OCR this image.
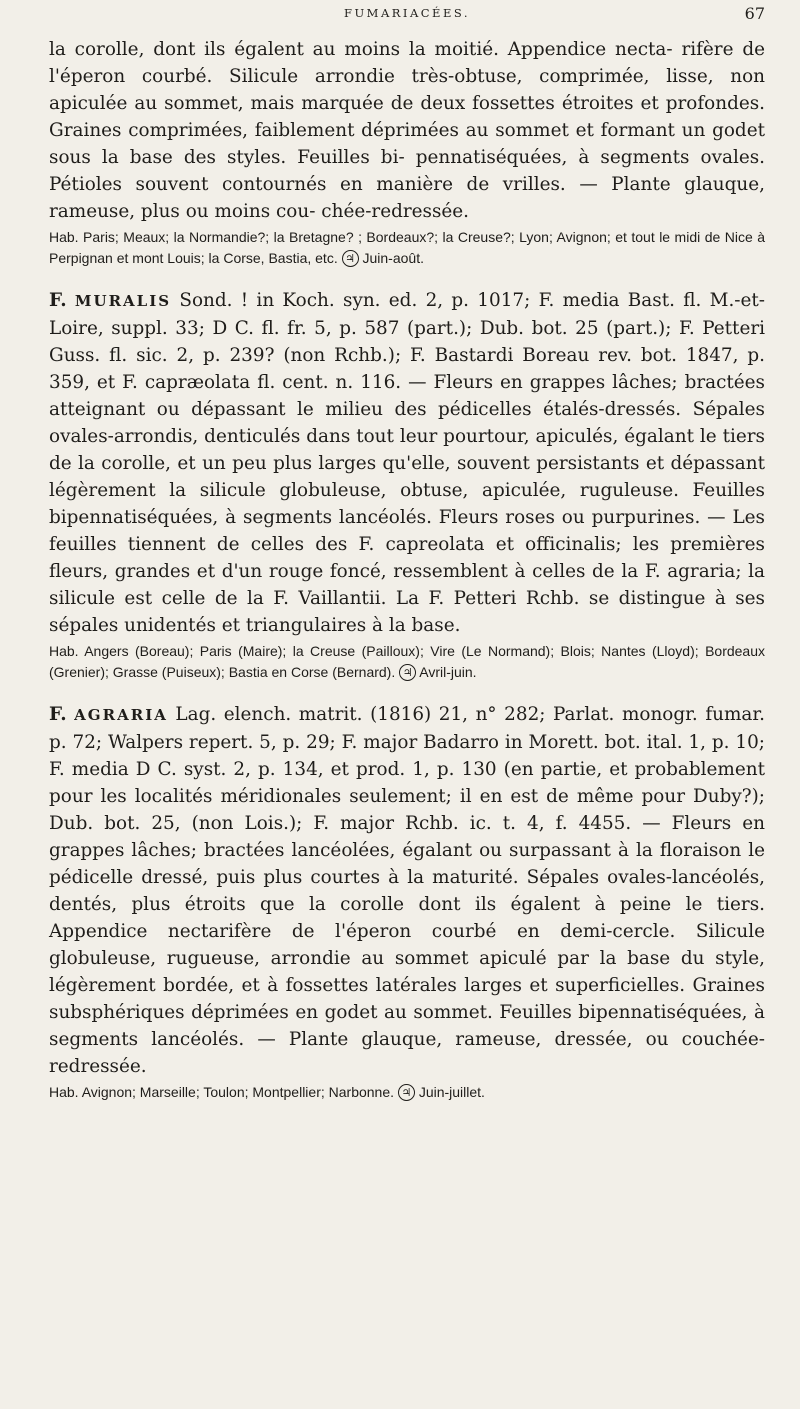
FUMARIACÉES.	67

la corolle, dont ils égalent au moins la moitié. Appendice necta- rifère de l'éperon courbé. Silicule arrondie très-obtuse, comprimée, lisse, non apiculée au sommet, mais marquée de deux fossettes étroites et profondes. Graines comprimées, faiblement déprimées au sommet et formant un godet sous la base des styles. Feuilles bi- pennatiséquées, à segments ovales. Pétioles souvent contournés en manière de vrilles. — Plante glauque, rameuse, plus ou moins cou- chée-redressée.

Hab. Paris; Meaux; la Normandie?; la Bretagne? ; Bordeaux?; la Creuse?; Lyon; Avignon; et tout le midi de Nice à Perpignan et mont Louis; la Corse, Bastia, etc. ♃ Juin-août.

F. MURALIS Sond. ! in Koch. syn. ed. 2, p. 1017; F. media Bast. fl. M.-et-Loire, suppl. 33; D C. fl. fr. 5, p. 587 (part.); Dub. bot. 25 (part.); F. Petteri Guss. fl. sic. 2, p. 239? (non Rchb.); F. Bastardi Boreau rev. bot. 1847, p. 359, et F. capræolata fl. cent. n. 116. — Fleurs en grappes lâches; bractées atteignant ou dépassant le milieu des pédicelles étalés-dressés. Sépales ovales-arrondis, denticulés dans tout leur pourtour, apiculés, égalant le tiers de la corolle, et un peu plus larges qu'elle, souvent persistants et dépassant légèrement la silicule globuleuse, obtuse, apiculée, ruguleuse. Feuilles bipennatiséquées, à segments lancéolés. Fleurs roses ou purpurines. — Les feuilles tiennent de celles des F. capreolata et officinalis; les premières fleurs, grandes et d'un rouge foncé, ressemblent à celles de la F. agraria; la silicule est celle de la F. Vaillantii. La F. Petteri Rchb. se distingue à ses sépales unidentés et triangulaires à la base.

Hab. Angers (Boreau); Paris (Maire); la Creuse (Pailloux); Vire (Le Normand); Blois; Nantes (Lloyd); Bordeaux (Grenier); Grasse (Puiseux); Bastia en Corse (Bernard). ♃ Avril-juin.

F. AGRARIA Lag. elench. matrit. (1816) 21, n° 282; Parlat. monogr. fumar. p. 72; Walpers repert. 5, p. 29; F. major Badarro in Morett. bot. ital. 1, p. 10; F. media D C. syst. 2, p. 134, et prod. 1, p. 130 (en partie, et probablement pour les localités méridionales seulement; il en est de même pour Duby?); Dub. bot. 25, (non Lois.); F. major Rchb. ic. t. 4, f. 4455. — Fleurs en grappes lâches; bractées lancéolées, égalant ou surpassant à la floraison le pédicelle dressé, puis plus courtes à la maturité. Sépales ovales-lancéolés, dentés, plus étroits que la corolle dont ils égalent à peine le tiers. Appendice nectarifère de l'éperon courbé en demi-cercle. Silicule globuleuse, rugueuse, arrondie au sommet apiculé par la base du style, légèrement bordée, et à fossettes latérales larges et superficielles. Graines subsphériques déprimées en godet au sommet. Feuilles bipennatiséquées, à segments lancéolés. — Plante glauque, rameuse, dressée, ou couchée-redressée.

Hab. Avignon; Marseille; Toulon; Montpellier; Narbonne. ♃ Juin-juillet.
